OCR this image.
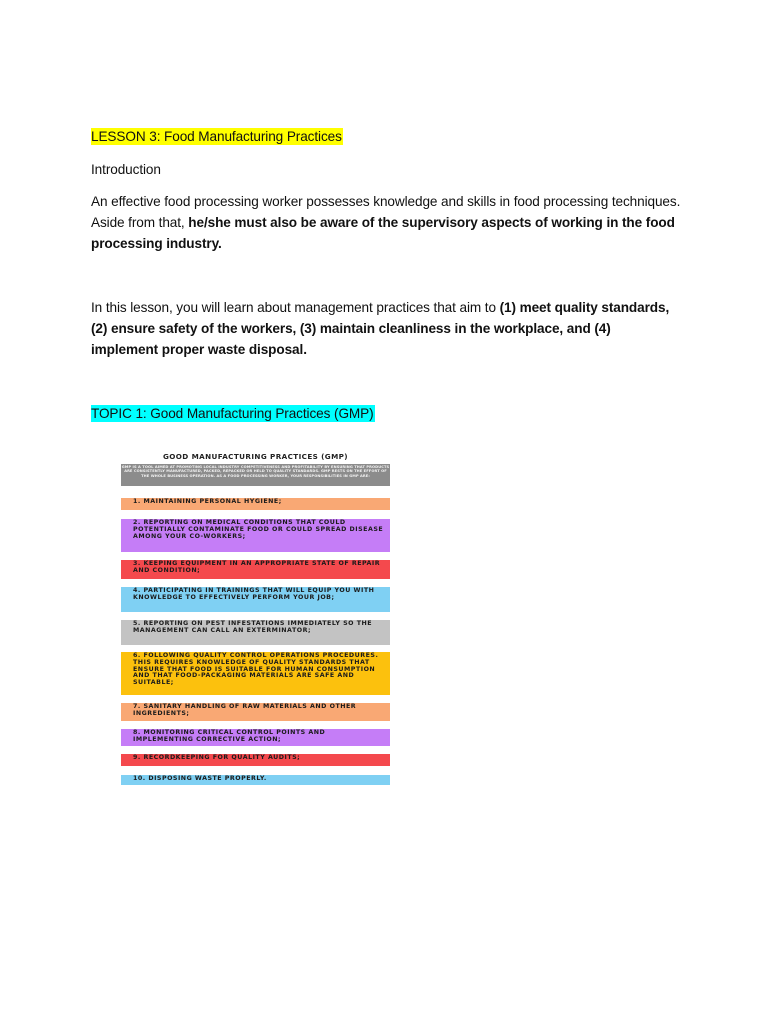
LESSON 3: Food Manufacturing Practices
Introduction
An effective food processing worker possesses knowledge and skills in food processing techniques. Aside from that, he/she must also be aware of the supervisory aspects of working in the food processing industry.
In this lesson, you will learn about management practices that aim to (1) meet quality standards, (2) ensure safety of the workers, (3) maintain cleanliness in the workplace, and (4) implement proper waste disposal.
TOPIC 1: Good Manufacturing Practices (GMP)
GOOD MANUFACTURING PRACTICES (GMP)
GMP IS A TOOL AIMED AT PROMOTING LOCAL INDUSTRY COMPETITIVENESS AND PROFITABILITY BY ENSURING THAT PRODUCTS ARE CONSISTENTLY MANUFACTURED, PACKED, REPACKED OR HELD TO QUALITY STANDARDS. GMP RESTS ON THE EFFORT OF THE WHOLE BUSINESS OPERATION. AS A FOOD PROCESSING WORKER, YOUR RESPONSIBILITIES IN GMP ARE:
1. MAINTAINING PERSONAL HYGIENE;
2. REPORTING ON MEDICAL CONDITIONS THAT COULD POTENTIALLY CONTAMINATE FOOD OR COULD SPREAD DISEASE AMONG YOUR CO-WORKERS;
3. KEEPING EQUIPMENT IN AN APPROPRIATE STATE OF REPAIR AND CONDITION;
4. PARTICIPATING IN TRAININGS THAT WILL EQUIP YOU WITH KNOWLEDGE TO EFFECTIVELY PERFORM YOUR JOB;
5. REPORTING ON PEST INFESTATIONS IMMEDIATELY SO THE MANAGEMENT CAN CALL AN EXTERMINATOR;
6. FOLLOWING QUALITY CONTROL OPERATIONS PROCEDURES. THIS REQUIRES KNOWLEDGE OF QUALITY STANDARDS THAT ENSURE THAT FOOD IS SUITABLE FOR HUMAN CONSUMPTION AND THAT FOOD-PACKAGING MATERIALS ARE SAFE AND SUITABLE;
7. SANITARY HANDLING OF RAW MATERIALS AND OTHER INGREDIENTS;
8. MONITORING CRITICAL CONTROL POINTS AND IMPLEMENTING CORRECTIVE ACTION;
9. RECORDKEEPING FOR QUALITY AUDITS;
10. DISPOSING WASTE PROPERLY.
